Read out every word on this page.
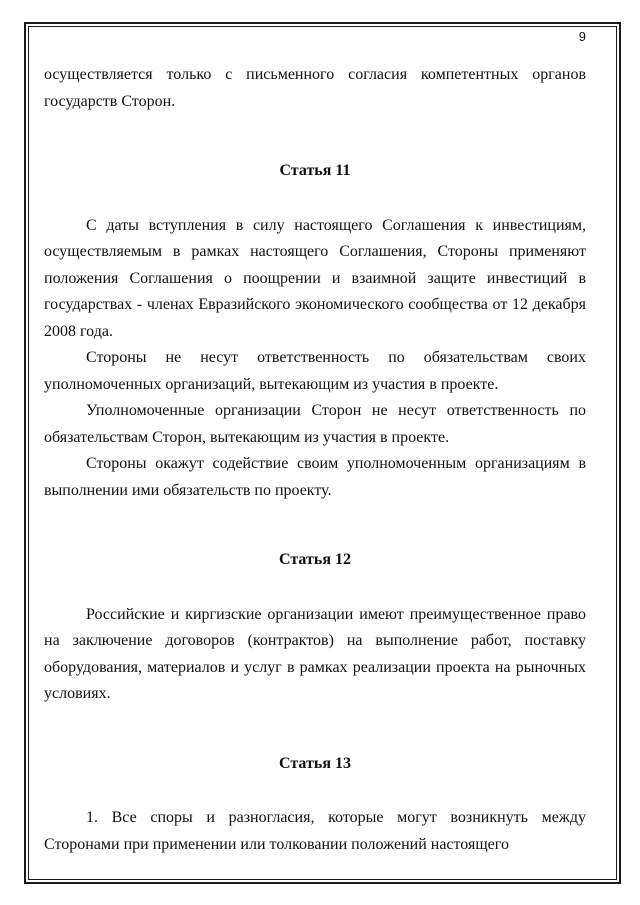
9

осуществляется только с письменного согласия компетентных органов государств Сторон.

Статья 11

С даты вступления в силу настоящего Соглашения к инвестициям, осуществляемым в рамках настоящего Соглашения, Стороны применяют положения Соглашения о поощрении и взаимной защите инвестиций в государствах - членах Евразийского экономического сообщества от 12 декабря 2008 года.

Стороны не несут ответственность по обязательствам своих уполномоченных организаций, вытекающим из участия в проекте.

Уполномоченные организации Сторон не несут ответственность по обязательствам Сторон, вытекающим из участия в проекте.

Стороны окажут содействие своим уполномоченным организациям в выполнении ими обязательств по проекту.

Статья 12

Российские и киргизские организации имеют преимущественное право на заключение договоров (контрактов) на выполнение работ, поставку оборудования, материалов и услуг в рамках реализации проекта на рыночных условиях.

Статья 13

1. Все споры и разногласия, которые могут возникнуть между Сторонами при применении или толковании положений настоящего
